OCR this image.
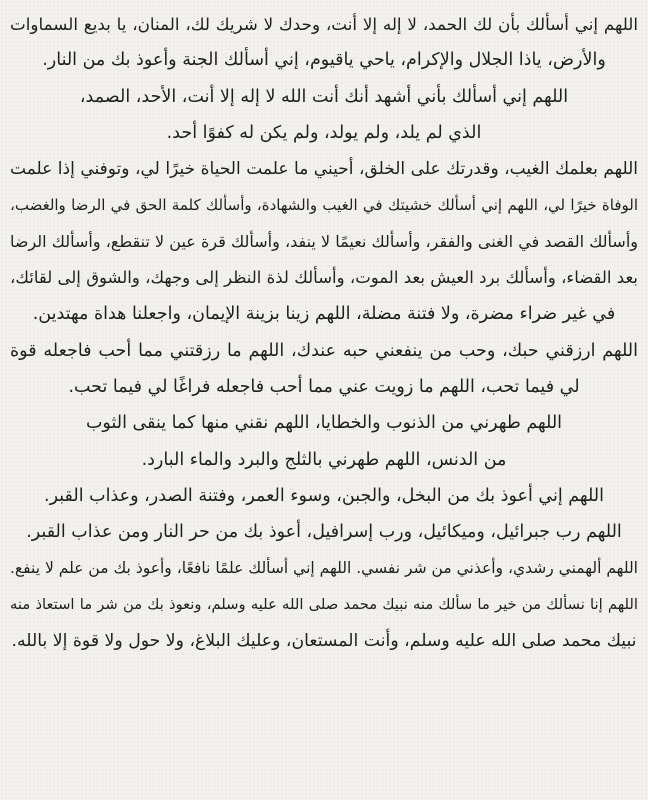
اللهم إني أسألك بأن لك الحمد، لا إله إلا أنت، وحدك لا شريك لك، المنان، يا بديع السماوات
والأرض، ياذا الجلال والإكرام، ياحي ياقيوم، إني أسألك الجنة وأعوذ بك من النار.
اللهم إني أسألك بأني أشهد أنك أنت الله لا إله إلا أنت، الأحد، الصمد،
الذي لم يلد، ولم يولد، ولم يكن له كفوًا أحد.
اللهم بعلمك الغيب، وقدرتك على الخلق، أحيني ما علمت الحياة خيرًا لي، وتوفني إذا علمت
الوفاة خيرًا لي، اللهم إني أسألك خشيتك في الغيب والشهادة، وأسألك كلمة الحق في الرضا والغضب،
وأسألك القصد في الغنى والفقر، وأسألك نعيمًا لا ينفد، وأسألك قرة عين لا تنقطع، وأسألك الرضا
بعد القضاء، وأسألك برد العيش بعد الموت، وأسألك لذة النظر إلى وجهك، والشوق إلى لقائك،
في غير ضراء مضرة، ولا فتنة مضلة، اللهم زينا بزينة الإيمان، واجعلنا هداة مهتدين.
اللهم ارزقني حبك، وحب من ينفعني حبه عندك، اللهم ما رزقتني مما أحب فاجعله قوة
لي فيما تحب، اللهم ما زويت عني مما أحب فاجعله فراغًا لي فيما تحب.
اللهم طهرني من الذنوب والخطايا، اللهم نقني منها كما ينقى الثوب
من الدنس، اللهم طهرني بالثلج والبرد والماء البارد.
اللهم إني أعوذ بك من البخل، والجبن، وسوء العمر، وفتنة الصدر، وعذاب القبر.
اللهم رب جبرائيل، وميكائيل، ورب إسرافيل، أعوذ بك من حر النار ومن عذاب القبر.
اللهم ألهمني رشدي، وأعذني من شر نفسي. اللهم إني أسألك علمًا نافعًا، وأعوذ بك من علم لا ينفع.
اللهم إنا نسألك من خير ما سألك منه نبيك محمد صلى الله عليه وسلم، ونعوذ بك من شر ما استعاذ منه
نبيك محمد صلى الله عليه وسلم، وأنت المستعان، وعليك البلاغ، ولا حول ولا قوة إلا بالله.
